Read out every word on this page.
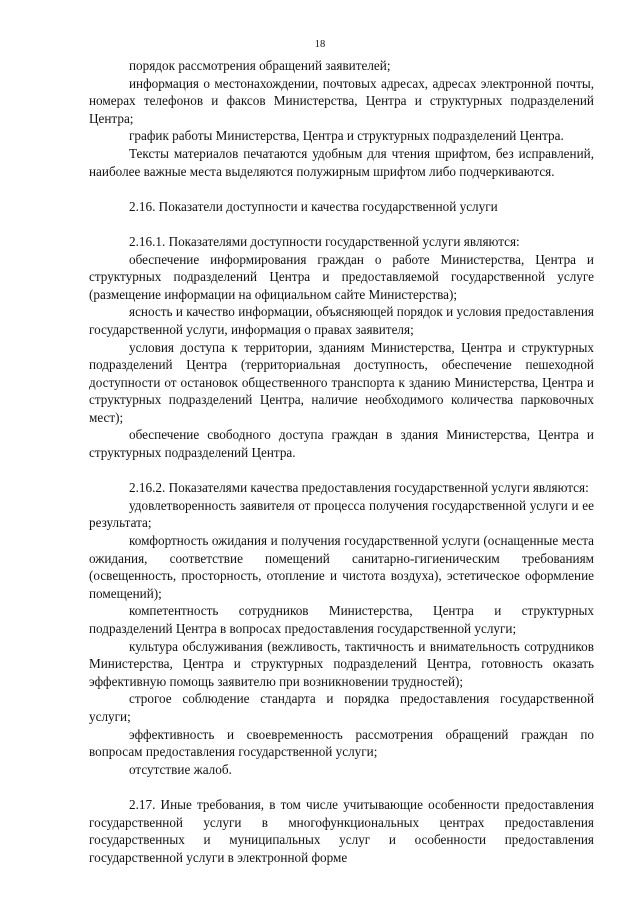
18

порядок рассмотрения обращений заявителей;

информация о местонахождении, почтовых адресах, адресах электронной почты, номерах телефонов и факсов Министерства, Центра и структурных подразделений Центра;

график работы Министерства, Центра и структурных подразделений Центра.

Тексты материалов печатаются удобным для чтения шрифтом, без исправлений, наиболее важные места выделяются полужирным шрифтом либо подчеркиваются.

2.16. Показатели доступности и качества государственной услуги

2.16.1. Показателями доступности государственной услуги являются:

обеспечение информирования граждан о работе Министерства, Центра и структурных подразделений Центра и предоставляемой государственной услуге (размещение информации на официальном сайте Министерства);

ясность и качество информации, объясняющей порядок и условия предоставления государственной услуги, информация о правах заявителя;

условия доступа к территории, зданиям Министерства, Центра и структурных подразделений Центра (территориальная доступность, обеспечение пешеходной доступности от остановок общественного транспорта к зданию Министерства, Центра и структурных подразделений Центра, наличие необходимого количества парковочных мест);

обеспечение свободного доступа граждан в здания Министерства, Центра и структурных подразделений Центра.

2.16.2. Показателями качества предоставления государственной услуги являются:

удовлетворенность заявителя от процесса получения государственной услуги и ее результата;

комфортность ожидания и получения государственной услуги (оснащенные места ожидания, соответствие помещений санитарно-гигиеническим требованиям (освещенность, просторность, отопление и чистота воздуха), эстетическое оформление помещений);

компетентность сотрудников Министерства, Центра и структурных подразделений Центра в вопросах предоставления государственной услуги;

культура обслуживания (вежливость, тактичность и внимательность сотрудников Министерства, Центра и структурных подразделений Центра, готовность оказать эффективную помощь заявителю при возникновении трудностей);

строгое соблюдение стандарта и порядка предоставления государственной услуги;

эффективность и своевременность рассмотрения обращений граждан по вопросам предоставления государственной услуги;

отсутствие жалоб.

2.17. Иные требования, в том числе учитывающие особенности предоставления государственной услуги в многофункциональных центрах предоставления государственных и муниципальных услуг и особенности предоставления государственной услуги в электронной форме
